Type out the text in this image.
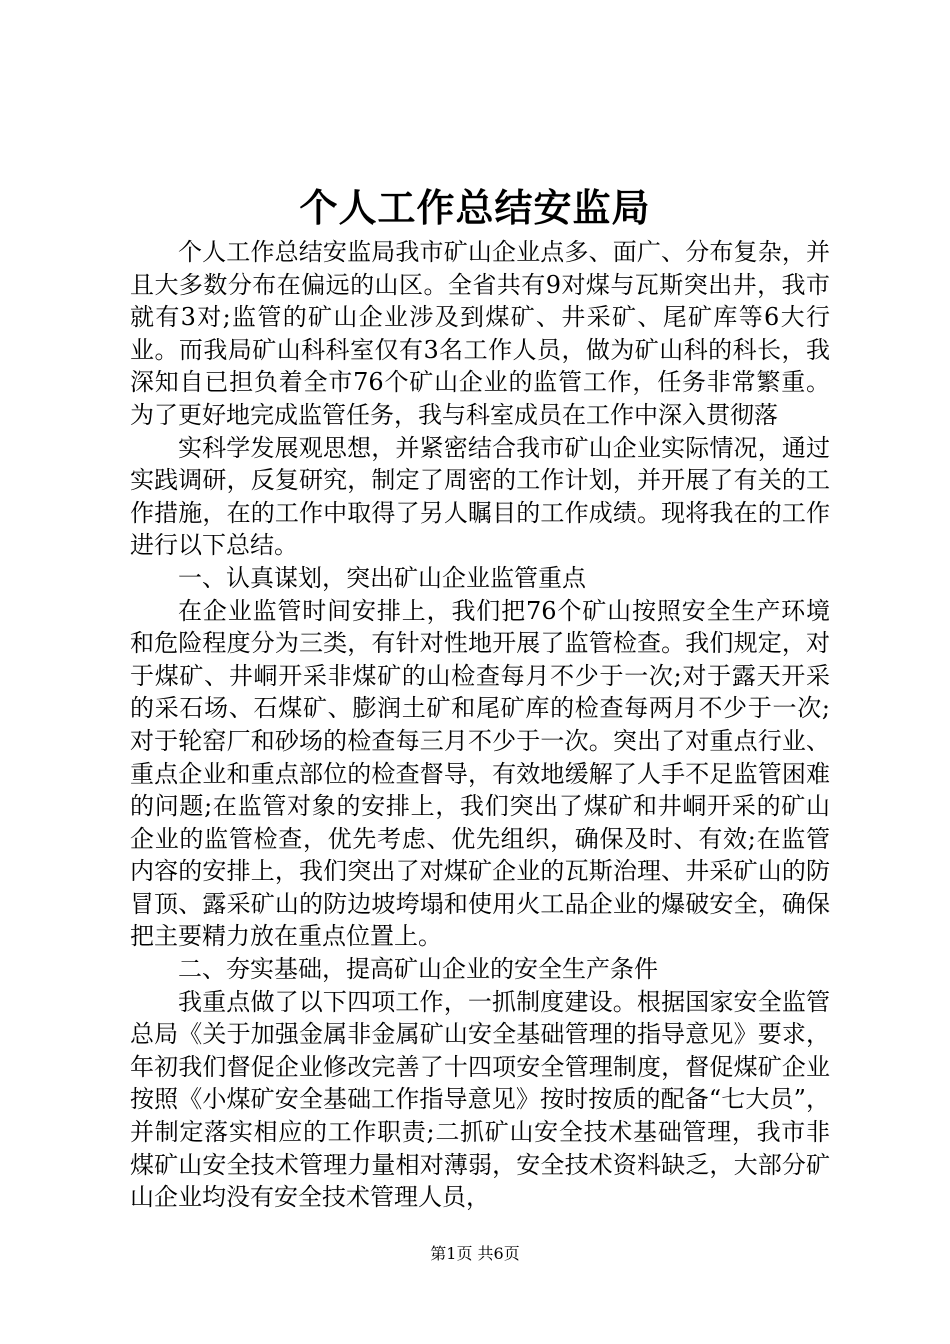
个人工作总结安监局

个人工作总结安监局我市矿山企业点多、面广、分布复杂，并且大多数分布在偏远的山区。全省共有9对煤与瓦斯突出井，我市就有3对;监管的矿山企业涉及到煤矿、井采矿、尾矿库等6大行业。而我局矿山科科室仅有3名工作人员，做为矿山科的科长，我深知自已担负着全市76个矿山企业的监管工作，任务非常繁重。为了更好地完成监管任务，我与科室成员在工作中深入贯彻落

实科学发展观思想，并紧密结合我市矿山企业实际情况，通过实践调研，反复研究，制定了周密的工作计划，并开展了有关的工作措施，在的工作中取得了另人瞩目的工作成绩。现将我在的工作进行以下总结。

一、认真谋划，突出矿山企业监管重点

在企业监管时间安排上，我们把76个矿山按照安全生产环境和危险程度分为三类，有针对性地开展了监管检查。我们规定，对于煤矿、井峒开采非煤矿的山检查每月不少于一次;对于露天开采的采石场、石煤矿、膨润土矿和尾矿库的检查每两月不少于一次;对于轮窑厂和砂场的检查每三月不少于一次。突出了对重点行业、重点企业和重点部位的检查督导，有效地缓解了人手不足监管困难的问题;在监管对象的安排上，我们突出了煤矿和井峒开采的矿山企业的监管检查，优先考虑、优先组织，确保及时、有效;在监管内容的安排上，我们突出了对煤矿企业的瓦斯治理、井采矿山的防冒顶、露采矿山的防边坡垮塌和使用火工品企业的爆破安全，确保把主要精力放在重点位置上。

二、夯实基础，提高矿山企业的安全生产条件

我重点做了以下四项工作，一抓制度建设。根据国家安全监管总局《关于加强金属非金属矿山安全基础管理的指导意见》要求，年初我们督促企业修改完善了十四项安全管理制度，督促煤矿企业按照《小煤矿安全基础工作指导意见》按时按质的配备“七大员”，并制定落实相应的工作职责;二抓矿山安全技术基础管理，我市非煤矿山安全技术管理力量相对薄弱，安全技术资料缺乏，大部分矿山企业均没有安全技术管理人员，

第1页 共6页
